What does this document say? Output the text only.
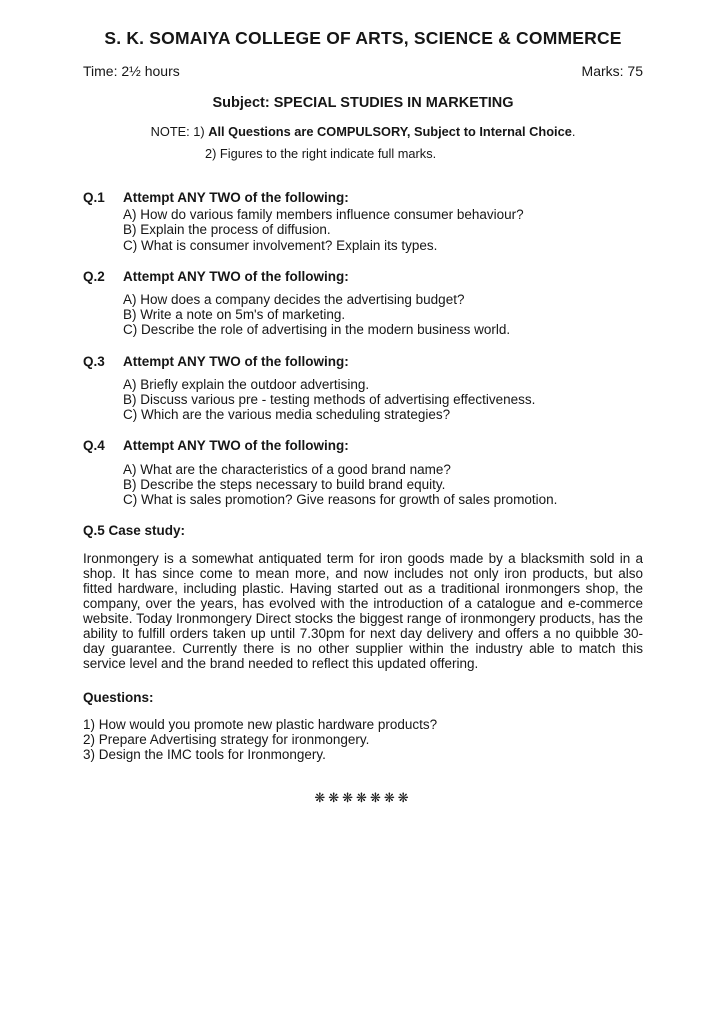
S. K. SOMAIYA COLLEGE OF ARTS, SCIENCE & COMMERCE
Time: 2½ hours	Marks: 75
Subject: SPECIAL STUDIES IN MARKETING
NOTE: 1) All Questions are COMPULSORY, Subject to Internal Choice.
2) Figures to the right indicate full marks.
Q.1	Attempt ANY TWO of the following:
A) How do various family members influence consumer behaviour?
B) Explain the process of diffusion.
C) What is consumer involvement? Explain its types.
Q.2	Attempt ANY TWO of the following:
A) How does a company decides the advertising budget?
B) Write a note on 5m's of marketing.
C) Describe the role of advertising in the modern business world.
Q.3	Attempt ANY TWO of the following:
A) Briefly explain the outdoor advertising.
B) Discuss various pre - testing methods of advertising effectiveness.
C) Which are the various media scheduling strategies?
Q.4	Attempt ANY TWO of the following:
A) What are the characteristics of a good brand name?
B) Describe the steps necessary to build brand equity.
C) What is sales promotion? Give reasons for growth of sales promotion.
Q.5 Case study:

Ironmongery is a somewhat antiquated term for iron goods made by a blacksmith sold in a shop. It has since come to mean more, and now includes not only iron products, but also fitted hardware, including plastic. Having started out as a traditional ironmongers shop, the company, over the years, has evolved with the introduction of a catalogue and e-commerce website. Today Ironmongery Direct stocks the biggest range of ironmongery products, has the ability to fulfill orders taken up until 7.30pm for next day delivery and offers a no quibble 30-day guarantee. Currently there is no other supplier within the industry able to match this service level and the brand needed to reflect this updated offering.

Questions:
1) How would you promote new plastic hardware products?
2) Prepare Advertising strategy for ironmongery.
3) Design the IMC tools for Ironmongery.
❋❋❋❋❋❋❋
